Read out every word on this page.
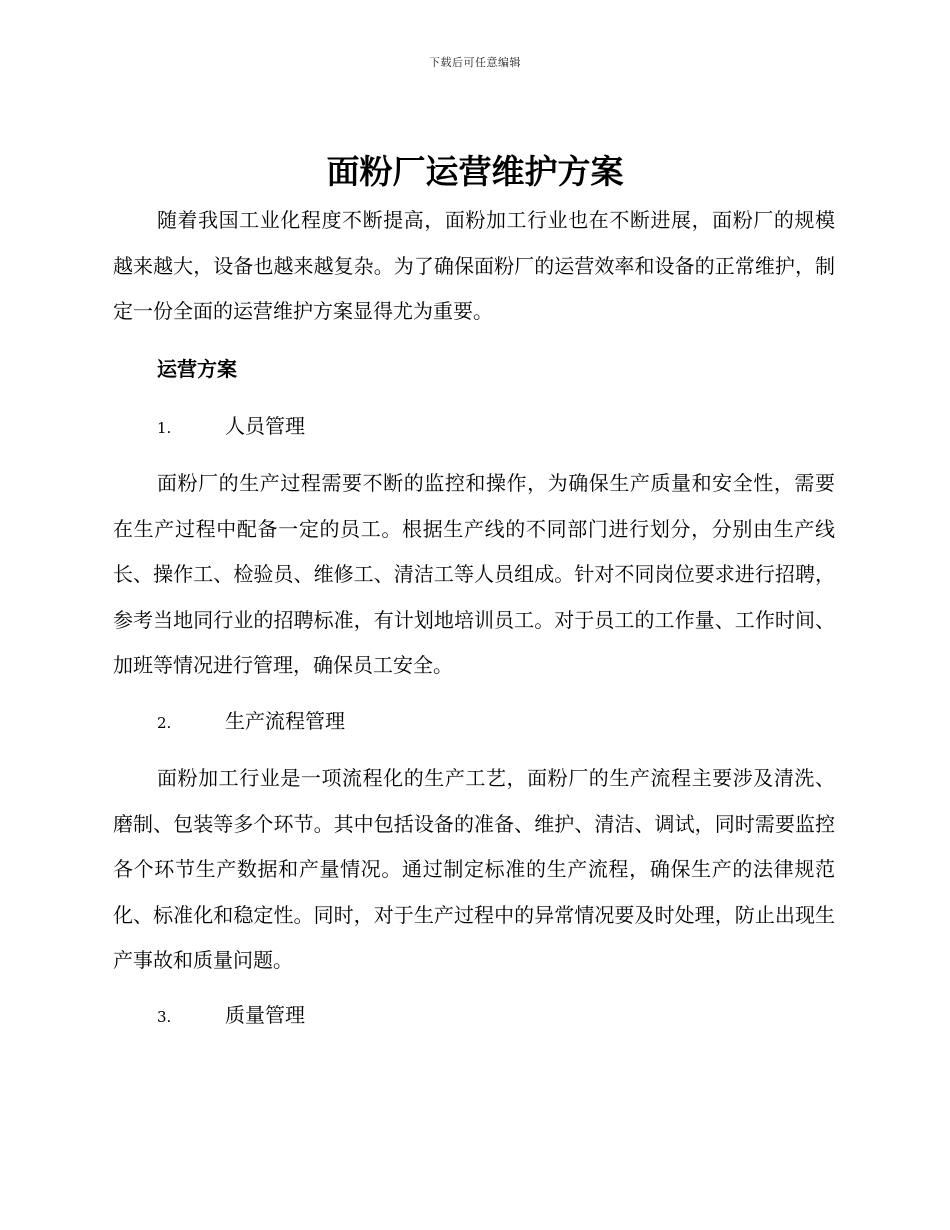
下载后可任意编辑
面粉厂运营维护方案

随着我国工业化程度不断提高，面粉加工行业也在不断进展，面粉厂的规模越来越大，设备也越来越复杂。为了确保面粉厂的运营效率和设备的正常维护，制定一份全面的运营维护方案显得尤为重要。

运营方案
1.	人员管理

面粉厂的生产过程需要不断的监控和操作，为确保生产质量和安全性，需要在生产过程中配备一定的员工。根据生产线的不同部门进行划分，分别由生产线长、操作工、检验员、维修工、清洁工等人员组成。针对不同岗位要求进行招聘，参考当地同行业的招聘标准，有计划地培训员工。对于员工的工作量、工作时间、加班等情况进行管理，确保员工安全。

2.	生产流程管理

面粉加工行业是一项流程化的生产工艺，面粉厂的生产流程主要涉及清洗、磨制、包装等多个环节。其中包括设备的准备、维护、清洁、调试，同时需要监控各个环节生产数据和产量情况。通过制定标准的生产流程，确保生产的法律规范化、标准化和稳定性。同时，对于生产过程中的异常情况要及时处理，防止出现生产事故和质量问题。

3.	质量管理
